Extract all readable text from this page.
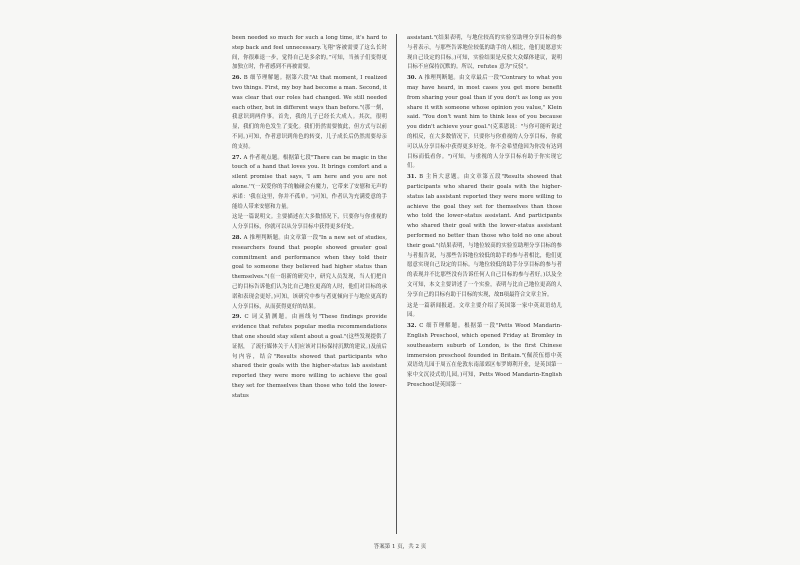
been needed so much for such a long time, it's hard to step back and feel unnecessary.飞翔"客被需要了这么长时间，你很难退一步，觉得自己是多余的。”可知，当孩子们变得更加独立时，作者感到不再被需要。
26. B 细节理解题。据第六段"At that moment, I realized two things. First, my boy had become a man. Second, it was clear that our roles had changed. We still needed each other, but in different ways than before."(那一刻，我意识到两件事。首先，我的儿子已经长大成人。其次，很明显，我们的角色发生了变化。我们仍然需要彼此，但方式与以前不同。)可知，作者意识到角色的转变，儿子成长后仍然需要母亲的支持。
27. A 作者观点题。根据第七段"There can be magic in the touch of a hand that loves you. It brings comfort and a silent promise that says, 'I am here and you are not alone.'"(一双爱你的手的触碰会有魔力，它带来了安慰和无声的承诺：'我在这里，你并不孤单。')可知，作者认为充满爱意的手能给人带来安慰和力量。
这是一篇说明文。主要描述在大多数情况下，只要你与你重视的人分享目标，你就可以从分享目标中获得更多好处。
28. A 推理判断题。由文章第一段"In a new set of studies, researchers found that people showed greater goal commitment and performance when they told their goal to someone they believed had higher status than themselves."(在一组新的研究中，研究人员发现，当人们把自己的目标告诉他们认为比自己地位更高的人时，他们对目标的承诺和表现会更好。)可知，该研究中参与者更倾向于与地位更高的人分享目标，从而获得更好的结果。
29. C 词义猜测题。由画线句"These findings provide evidence that refutes popular media recommendations that one should stay silent about a goal."(这些发现提供了证据， 了流行媒体关于人们应该对目标保持沉默的建议。)及前后句内容，结合"Results showed that participants who shared their goals with the higher-status lab assistant reported they were more willing to achieve the goal they set for themselves than those who told the lower-status
assistant."(结果表明，与地位较高的实验室助理分享目标的参与者表示，与那些告诉地位较低的助手的人相比，他们更愿意实现自己设定的目标。)可知，实验结果是反驳大众媒体建议，说明目标不应保持沉默的。所以，refutes 意为"反驳"。
30. A 推理判断题。由文章最后一段"Contrary to what you may have heard, in most cases you get more benefit from sharing your goal than if you don't as long as you share it with someone whose opinion you value," Klein said. "You don't want him to think less of you because you didn't achieve your goal."(克莱恩说："与你可能听说过的相反，在大多数情况下，只要你与你重视的人分享目标，你就可以从分享目标中获得更多好处。你不会希望他因为你没有达到目标而低看你。")可知，与重视的人分享目标有助于你实现它们。
31. B 主旨大意题。由文章第五段"Results showed that participants who shared their goals with the higher-status lab assistant reported they were more willing to achieve the goal they set for themselves than those who told the lower-status assistant. And participants who shared their goal with the lower-status assistant performed no better than those who told no one about their goal."(结果表明，与地位较高的实验室助理分享目标的参与者报告说，与那些告诉地位较低的助手的参与者相比，他们更愿意实现自己设定的目标。与地位较低的助手分享目标的参与者的表现并不比那些没有告诉任何人自己目标的参与者好。)以及全文可知，本文主要讲述了一个实验，表明与比自己地位更高的人分享自己的目标有助于目标的实现，故B项最符合文章主旨。
这是一篇新闻报道。文章主要介绍了英国第一家中英双语幼儿园。
32. C 细节理解题。根据第一段"Petts Wood Mandarin-English Preschool, which opened Friday at Bromley in southeastern suburb of London, is the first Chinese immersion preschool founded in Britain."(佩茨伍德中英双语幼儿园于周五在伦敦东南部郊区布罗姆利开业，是英国第一家中文沉浸式幼儿园。)可知，Petts Wood Mandarin-English Preschool是英国第一
答案第 1 页，共 2 页
